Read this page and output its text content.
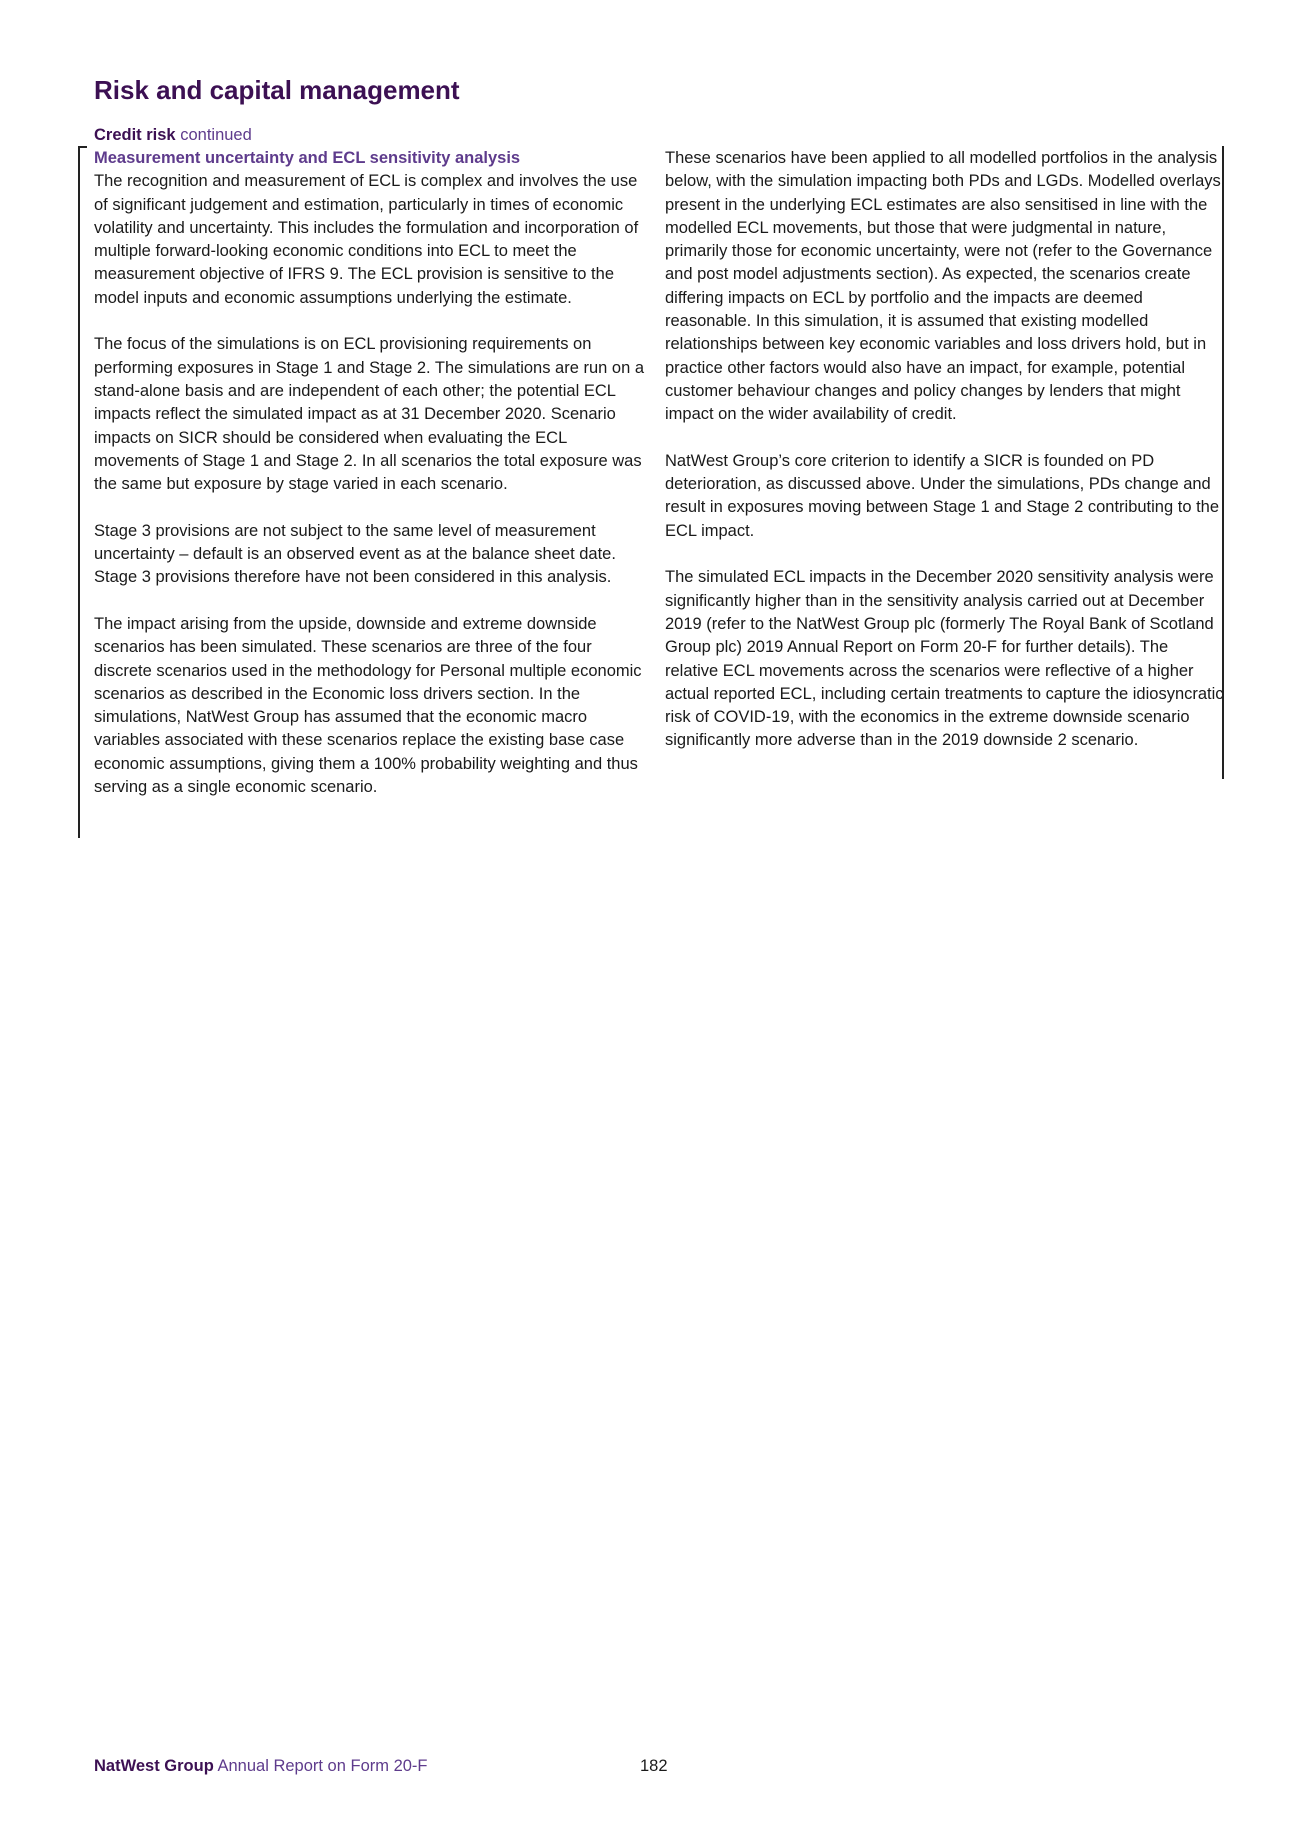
Risk and capital management
Credit risk continued
Measurement uncertainty and ECL sensitivity analysis

The recognition and measurement of ECL is complex and involves the use of significant judgement and estimation, particularly in times of economic volatility and uncertainty. This includes the formulation and incorporation of multiple forward-looking economic conditions into ECL to meet the measurement objective of IFRS 9. The ECL provision is sensitive to the model inputs and economic assumptions underlying the estimate.

The focus of the simulations is on ECL provisioning requirements on performing exposures in Stage 1 and Stage 2. The simulations are run on a stand-alone basis and are independent of each other; the potential ECL impacts reflect the simulated impact as at 31 December 2020. Scenario impacts on SICR should be considered when evaluating the ECL movements of Stage 1 and Stage 2. In all scenarios the total exposure was the same but exposure by stage varied in each scenario.

Stage 3 provisions are not subject to the same level of measurement uncertainty – default is an observed event as at the balance sheet date. Stage 3 provisions therefore have not been considered in this analysis.

The impact arising from the upside, downside and extreme downside scenarios has been simulated. These scenarios are three of the four discrete scenarios used in the methodology for Personal multiple economic scenarios as described in the Economic loss drivers section. In the simulations, NatWest Group has assumed that the economic macro variables associated with these scenarios replace the existing base case economic assumptions, giving them a 100% probability weighting and thus serving as a single economic scenario.

These scenarios have been applied to all modelled portfolios in the analysis below, with the simulation impacting both PDs and LGDs. Modelled overlays present in the underlying ECL estimates are also sensitised in line with the modelled ECL movements, but those that were judgmental in nature, primarily those for economic uncertainty, were not (refer to the Governance and post model adjustments section). As expected, the scenarios create differing impacts on ECL by portfolio and the impacts are deemed reasonable. In this simulation, it is assumed that existing modelled relationships between key economic variables and loss drivers hold, but in practice other factors would also have an impact, for example, potential customer behaviour changes and policy changes by lenders that might impact on the wider availability of credit.

NatWest Group’s core criterion to identify a SICR is founded on PD deterioration, as discussed above. Under the simulations, PDs change and result in exposures moving between Stage 1 and Stage 2 contributing to the ECL impact.

The simulated ECL impacts in the December 2020 sensitivity analysis were significantly higher than in the sensitivity analysis carried out at December 2019 (refer to the NatWest Group plc (formerly The Royal Bank of Scotland Group plc) 2019 Annual Report on Form 20-F for further details). The relative ECL movements across the scenarios were reflective of a higher actual reported ECL, including certain treatments to capture the idiosyncratic risk of COVID-19, with the economics in the extreme downside scenario significantly more adverse than in the 2019 downside 2 scenario.

NatWest Group Annual Report on Form 20-F	182
